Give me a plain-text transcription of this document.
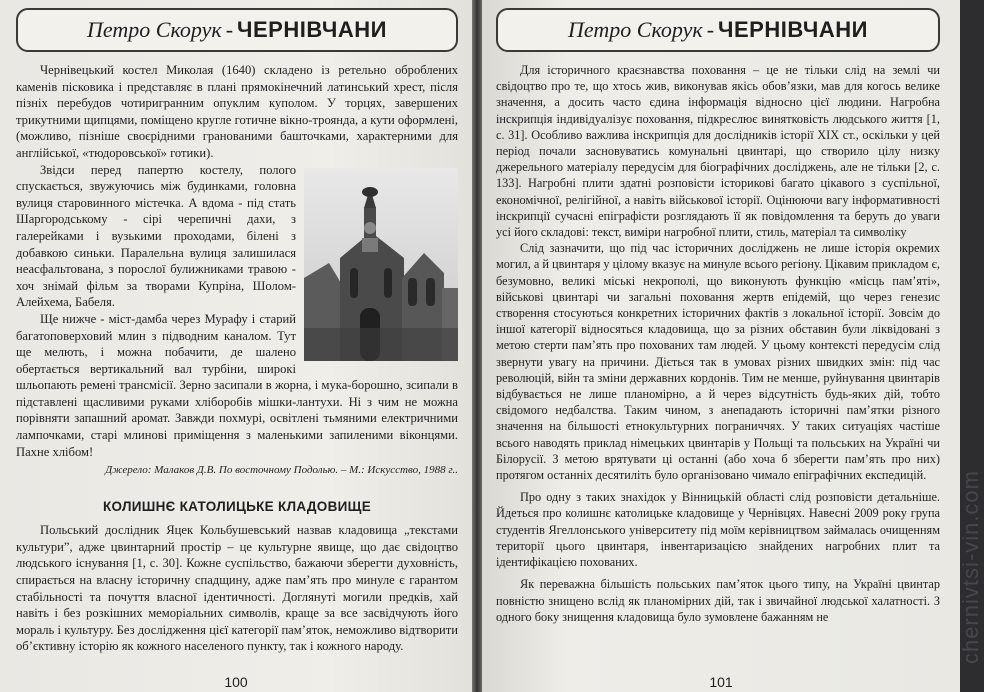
Петро Скорук - ЧЕРНІВЧАНИ

Чернівецький костел Миколая (1640) складено із ретельно оброблених каменів пісковика і представляє в плані прямокінечний латинський хрест, після пізніх перебудов чотиригранним опуклим куполом. У торцях, завершених трикутними щипцями, поміщено кругле готичне вікно-троянда, а кути оформлені, (можливо, пізніше своєрідними гранованими башточками, характерними для англійської, «тюдоровської» готики).

Звідси перед папертю костелу, полого спускається, звужуючись між будинками, головна вулиця старовинного містечка. А вдома - під стать Шаргородському - сірі черепичні дахи, з галерейками і вузькими проходами, білені з добавкою синьки. Паралельна вулиця залишилася неасфальтована, з порослої булижниками травою - хоч знімай фільм за творами Купріна, Шолом-Алейхема, Бабеля.

Ще нижче - міст-дамба через Мурафу і старий багатоповерховий млин з підводним каналом. Тут ще мелють, і можна побачити, де шалено обертається вертикальний вал турбіни, широкі шльопають ремені трансмісії. Зерно засипали в жорна, і мука-борошно, зсипали в підставлені щасливими руками хліборобів мішки-лантухи. Ні з чим не можна порівняти запашний аромат. Завжди похмурі, освітлені тьмяними електричними лампочками, старі млинові приміщення з маленькими запиленими віконцями. Пахне хлібом!

Джерело: Малаков Д.В. По восточному Подолью. – М.: Искусство, 1988 г..
КОЛИШНЄ КАТОЛИЦЬКЕ КЛАДОВИЩЕ

Польський дослідник Яцек Кольбушевський назвав кладовища „текстами культури”, адже цвинтарний простір – це культурне явище, що дає свідоцтво людського існування [1, с. 30]. Кожне суспільство, бажаючи зберегти духовність, спирається на власну історичну спадщину, адже пам’ять про минуле є гарантом стабільності та почуття власної ідентичності. Доглянуті могили предків, хай навіть і без розкішних меморіальних символів, краще за все засвідчують його мораль і культуру. Без дослідження цієї категорії пам’яток, неможливо відтворити об’єктивну історію як кожного населеного пункту, так і кожного народу.

100
Петро Скорук - ЧЕРНІВЧАНИ

Для історичного краєзнавства поховання – це не тільки слід на землі чи свідоцтво про те, що хтось жив, виконував якісь обов’язки, мав для когось велике значення, а досить часто єдина інформація відносно цієї людини. Нагробна інскрипція індивідуалізує поховання, підкреслює винятковість людського життя [1, с. 31]. Особливо важлива інскрипція для дослідників історії XIX ст., оскільки у цей період почали засновуватись комунальні цвинтарі, що створило цілу низку джерельного матеріалу передусім для біографічних досліджень, але не тільки [2, с. 133]. Нагробні плити здатні розповісти історикові багато цікавого з суспільної, економічної, релігійної, а навіть військової історії. Оцінюючи вагу інформативності інскрипції сучасні епіграфісти розглядають її як повідомлення та беруть до уваги усі його складові: текст, виміри нагробної плити, стиль, матеріал та символіку

Слід зазначити, що під час історичних досліджень не лише історія окремих могил, а й цвинтаря у цілому вказує на минуле всього регіону. Цікавим прикладом є, безумовно, великі міські некрополі, що виконують функцію «місць пам’яті», військові цвинтарі чи загальні поховання жертв епідемій, що через генезис створення стосуються конкретних історичних фактів з локальної історії. Зовсім до іншої категорії відносяться кладовища, що за різних обставин були ліквідовані з метою стерти пам’ять про похованих там людей. У цьому контексті передусім слід звернути увагу на причини. Діється так в умовах різних швидких змін: під час революцій, війн та зміни державних кордонів. Тим не менше, руйнування цвинтарів відбувається не лише планомірно, а й через відсутність будь-яких дій, тобто свідомого недбалства. Таким чином, з анепадають історичні пам’ятки різного значення на більшості етнокультурних пограниччях. У таких ситуаціях частіше всього наводять приклад німецьких цвинтарів у Польщі та польських на Україні чи Білорусії. З метою врятувати ці останні (або хоча б зберегти пам’ять про них) протягом останніх десятиліть було організовано чимало епіграфічних експедицій.

Про одну з таких знахідок у Вінницькій області слід розповісти детальніше. Йдеться про колишнє католицьке кладовище у Чернівцях. Навесні 2009 року група студентів Ягеллонського університету під моїм керівництвом займалась очищенням території цього цвинтаря, інвентаризацією знайдених нагробних плит та ідентифікацією похованих.

Як переважна більшість польських пам’яток цього типу, на Україні цвинтар повністю знищено вслід як планомірних дій, так і звичайної людської халатності. З одного боку знищення кладовища було зумовлене бажанням не

101
chernivtsi-vin.com
